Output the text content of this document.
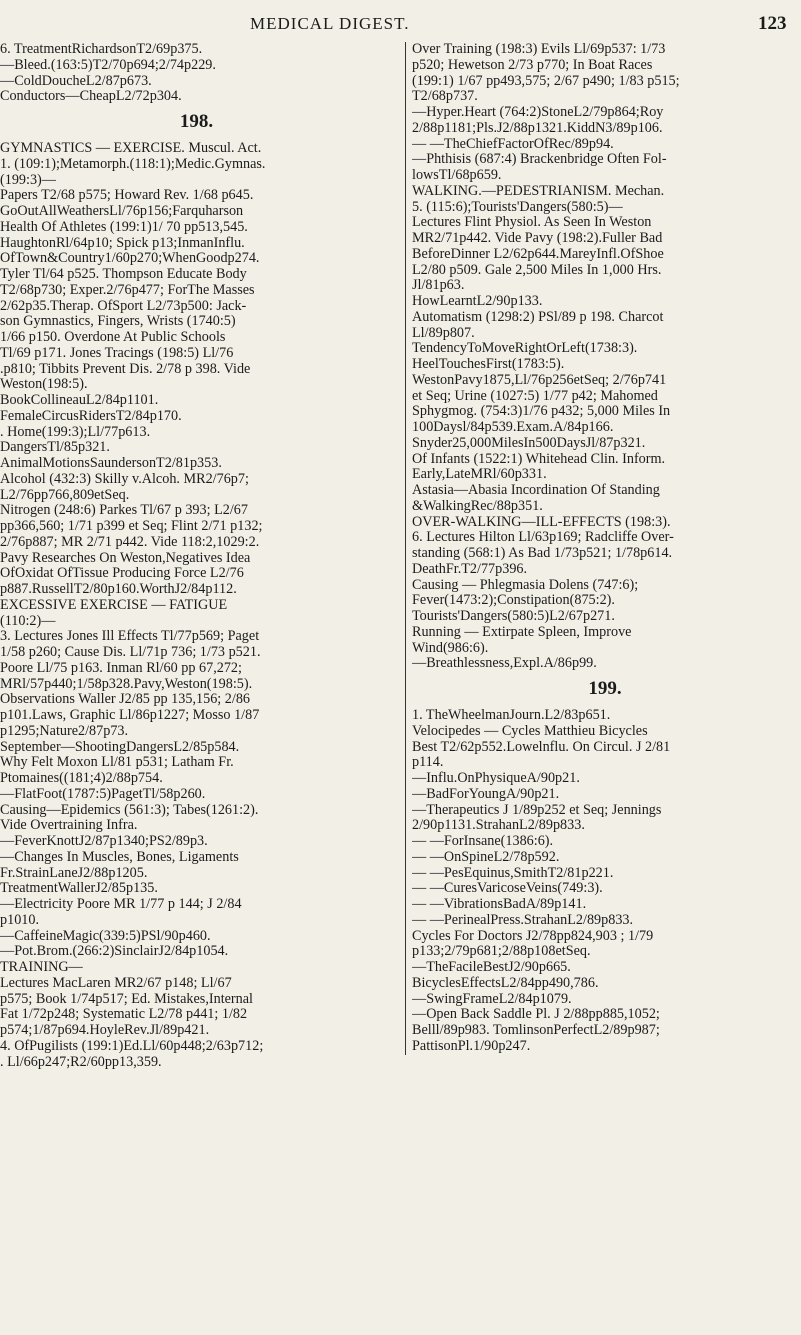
MEDICAL DIGEST.	123
6. TreatmentRichardsonT2/69p375.
—Bleed.(163:5)T2/70p694;2/74p229.
—ColdDoucheL2/87p673.
Conductors—CheapL2/72p304.
198.
GYMNASTICS — EXERCISE. Muscul. Act.
1. (109:1);Metamorph.(118:1);Medic.Gymnas.
(199:3)—
Papers T2/68 p575; Howard Rev. 1/68 p645.
GoOutAllWeathersLl/76p156;Farquharson
Health Of Athletes (199:1)1/ 70 pp513,545.
HaughtonRl/64p10; Spick p13;InmanInflu.
OfTown&Country1/60p270;WhenGoodp274.
Tyler Tl/64 p525. Thompson Educate Body
T2/68p730; Exper.2/76p477; ForThe Masses
2/62p35.Therap. OfSport L2/73p500: Jack-
son Gymnastics, Fingers, Wrists (1740:5)
1/66 p150. Overdone At Public Schools
Tl/69 p171. Jones Tracings (198:5) Ll/76
.p810; Tibbits Prevent Dis. 2/78 p 398. Vide
Weston(198:5).
BookCollineauL2/84p1101.
FemaleCircusRidersT2/84p170.
. Home(199:3);Ll/77p613.
DangersTl/85p321.
AnimalMotionsSaundersonT2/81p353.
Alcohol (432:3) Skilly v.Alcoh. MR2/76p7;
L2/76pp766,809etSeq.
Nitrogen (248:6) Parkes Tl/67 p 393; L2/67
pp366,560; 1/71 p399 et Seq; Flint 2/71 p132;
2/76p887; MR 2/71 p442. Vide 118:2,1029:2.
Pavy Researches On Weston,Negatives Idea
OfOxidat OfTissue Producing Force L2/76
p887.RussellT2/80p160.WorthJ2/84p112.
EXCESSIVE EXERCISE — FATIGUE
(110:2)—
3. Lectures Jones Ill Effects Tl/77p569; Paget
1/58 p260; Cause Dis. Ll/71p 736; 1/73 p521.
Poore Ll/75 p163. Inman Rl/60 pp 67,272;
MRl/57p440;1/58p328.Pavy,Weston(198:5).
Observations Waller J2/85 pp 135,156; 2/86
p101.Laws, Graphic Ll/86p1227; Mosso 1/87
p1295;Nature2/87p73.
September—ShootingDangersL2/85p584.
Why Felt Moxon Ll/81 p531; Latham Fr.
Ptomaines((181;4)2/88p754.
—FlatFoot(1787:5)PagetTl/58p260.
Causing—Epidemics (561:3); Tabes(1261:2).
Vide Overtraining Infra.
—FeverKnottJ2/87p1340;PS2/89p3.
—Changes In Muscles, Bones, Ligaments
Fr.StrainLaneJ2/88p1205.
TreatmentWallerJ2/85p135.
—Electricity Poore MR 1/77 p 144; J 2/84
p1010.
—CaffeineMagic(339:5)PSl/90p460.
—Pot.Brom.(266:2)SinclairJ2/84p1054.
TRAINING—
Lectures MacLaren MR2/67 p148; Ll/67
p575; Book 1/74p517; Ed. Mistakes,Internal
Fat 1/72p248; Systematic L2/78 p441; 1/82
p574;1/87p694.HoyleRev.Jl/89p421.
4. OfPugilists (199:1)Ed.Ll/60p448;2/63p712;
. Ll/66p247;R2/60pp13,359.
Over Training (198:3) Evils Ll/69p537: 1/73
p520; Hewetson 2/73 p770; In Boat Races
(199:1) 1/67 pp493,575; 2/67 p490; 1/83 p515;
T2/68p737.
—Hyper.Heart (764:2)StoneL2/79p864;Roy
2/88p1181;Pls.J2/88p1321.KiddN3/89p106.
— —TheChiefFactorOfRec/89p94.
—Phthisis (687:4) Brackenbridge Often Fol-
lowsTl/68p659.
WALKING.—PEDESTRIANISM. Mechan.
5. (115:6);Tourists'Dangers(580:5)—
Lectures Flint Physiol. As Seen In Weston
MR2/71p442. Vide Pavy (198:2).Fuller Bad
BeforeDinner L2/62p644.MareyInfl.OfShoe
L2/80 p509. Gale 2,500 Miles In 1,000 Hrs.
Jl/81p63.
HowLearntL2/90p133.
Automatism (1298:2) PSl/89 p 198. Charcot
Ll/89p807.
TendencyToMoveRightOrLeft(1738:3).
HeelTouchesFirst(1783:5).
WestonPavy1875,Ll/76p256etSeq; 2/76p741
et Seq; Urine (1027:5) 1/77 p42; Mahomed
Sphygmog. (754:3)1/76 p432; 5,000 Miles In
100Daysl/84p539.Exam.A/84p166.
Snyder25,000MilesIn500DaysJl/87p321.
Of Infants (1522:1) Whitehead Clin. Inform.
Early,LateMRl/60p331.
Astasia—Abasia Incordination Of Standing
&WalkingRec/88p351.
OVER-WALKING—ILL-EFFECTS (198:3).
6. Lectures Hilton Ll/63p169; Radcliffe Over-
standing (568:1) As Bad 1/73p521; 1/78p614.
DeathFr.T2/77p396.
Causing — Phlegmasia Dolens (747:6);
Fever(1473:2);Constipation(875:2).
Tourists'Dangers(580:5)L2/67p271.
Running — Extirpate Spleen, Improve
Wind(986:6).
—Breathlessness,Expl.A/86p99.
199.
1. TheWheelmanJourn.L2/83p651.
Velocipedes — Cycles Matthieu Bicycles
Best T2/62p552.Lowelnflu. On Circul. J 2/81
p114.
—Influ.OnPhysiqueA/90p21.
—BadForYoungA/90p21.
—Therapeutics J 1/89p252 et Seq; Jennings
2/90p1131.StrahanL2/89p833.
— —ForInsane(1386:6).
— —OnSpineL2/78p592.
— —PesEquinus,SmithT2/81p221.
— —CuresVaricoseVeins(749:3).
— —VibrationsBadA/89p141.
— —PerinealPress.StrahanL2/89p833.
Cycles For Doctors J2/78pp824,903 ; 1/79
p133;2/79p681;2/88p108etSeq.
—TheFacileBestJ2/90p665.
BicyclesEffectsL2/84pp490,786.
—SwingFrameL2/84p1079.
—Open Back Saddle Pl. J 2/88pp885,1052;
Belll/89p983. TomlinsonPerfectL2/89p987;
PattisonPl.1/90p247.
